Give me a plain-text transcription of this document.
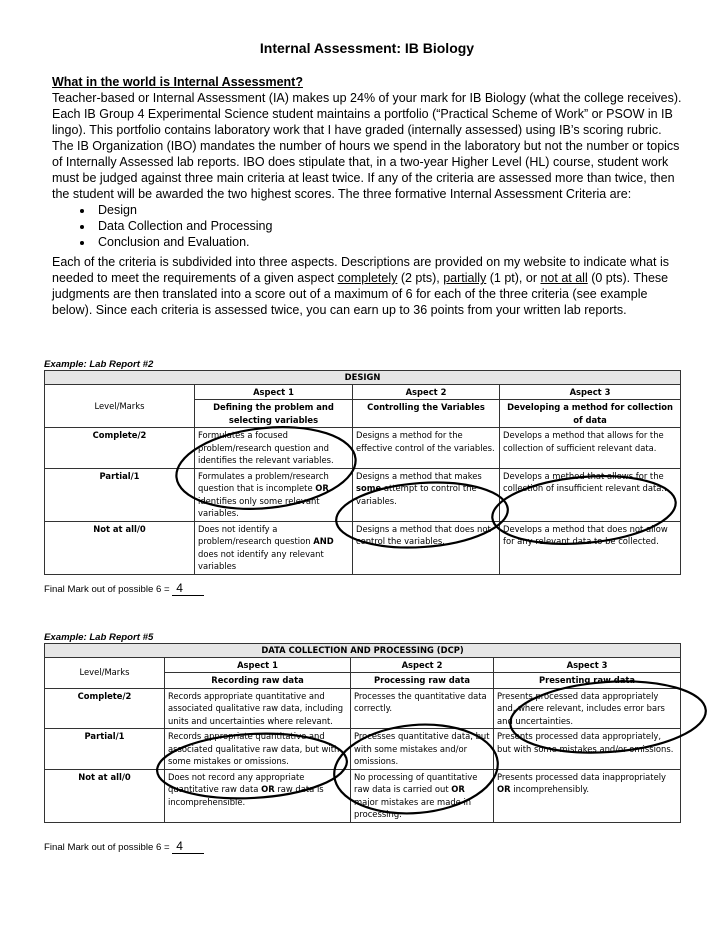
Internal Assessment: IB Biology
What in the world is Internal Assessment?

Teacher-based or Internal Assessment (IA) makes up 24% of your mark for IB Biology (what the college receives). Each IB Group 4 Experimental Science student maintains a portfolio (“Practical Scheme of Work” or PSOW in IB lingo). This portfolio contains laboratory work that I have graded (internally assessed) using IB’s scoring rubric. The IB Organization (IBO) mandates the number of hours we spend in the laboratory but not the number or topics of Internally Assessed lab reports. IBO does stipulate that, in a two-year Higher Level (HL) course, student work must be judged against three main criteria at least twice. If any of the criteria are assessed more than twice, then the student will be awarded the two highest scores. The three formative Internal Assessment Criteria are:

• Design
• Data Collection and Processing
• Conclusion and Evaluation.

Each of the criteria is subdivided into three aspects. Descriptions are provided on my website to indicate what is needed to meet the requirements of a given aspect completely (2 pts), partially (1 pt), or not at all (0 pts). These judgments are then translated into a score out of a maximum of 6 for each of the three criteria (see example below). Since each criteria is assessed twice, you can earn up to 36 points from your written lab reports.

Example: Lab Report #2
DESIGN			
Level/Marks	Aspect 1	Aspect 2	Aspect 3
	Defining the problem and selecting variables	Controlling the Variables	Developing a method for collection of data
Complete/2	Formulates a focused problem/research question and identifies the relevant variables.	Designs a method for the effective control of the variables.	Develops a method that allows for the collection of sufficient relevant data.
Partial/1	Formulates a problem/research question that is incomplete OR identifies only some relevant variables.	Designs a method that makes some attempt to control the variables.	Develops a method that allows for the collection of insufficient relevant data..
Not at all/0	Does not identify a problem/research question AND does not identify any relevant variables	Designs a method that does not control the variables.	Develops a method that does not allow for any relevant data to be collected.
Final Mark out of possible 6 = 4
Example: Lab Report #5
DATA COLLECTION AND PROCESSING (DCP)			
Level/Marks	Aspect 1	Aspect 2	Aspect 3
	Recording raw data	Processing raw data	Presenting raw data
Complete/2	Records appropriate quantitative and associated qualitative raw data, including units and uncertainties where relevant.	Processes the quantitative data correctly.	Presents processed data appropriately and, where relevant, includes error bars and uncertainties.
Partial/1	Records appropriate quantitative and associated qualitative raw data, but with some mistakes or omissions.	Processes quantitative data, but with some mistakes and/or omissions.	Presents processed data appropriately, but with some mistakes and/or omissions.
Not at all/0	Does not record any appropriate quantitative raw data OR raw data is incomprehensible.	No processing of quantitative raw data is carried out OR major mistakes are made in processing.	Presents processed data inappropriately OR incomprehensibly.
Final Mark out of possible 6 = 4
